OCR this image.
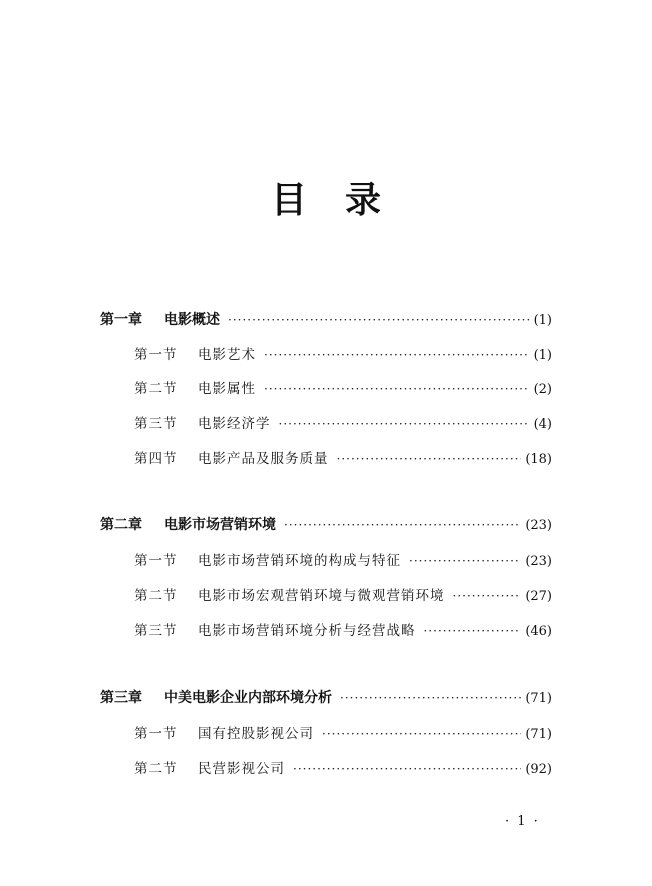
目 录
第一章	电影概述 ·····	(1)
第一节	电影艺术 ·····	(1)
第二节	电影属性 ·····	(2)
第三节	电影经济学 ·····	(4)
第四节	电影产品及服务质量 ·····	(18)
第二章	电影市场营销环境 ·····	(23)
第一节	电影市场营销环境的构成与特征 ·····	(23)
第二节	电影市场宏观营销环境与微观营销环境 ·····	(27)
第三节	电影市场营销环境分析与经营战略 ·····	(46)
第三章	中美电影企业内部环境分析 ·····	(71)
第一节	国有控股影视公司 ·····	(71)
第二节	民营影视公司 ·····	(92)
· 1 ·
